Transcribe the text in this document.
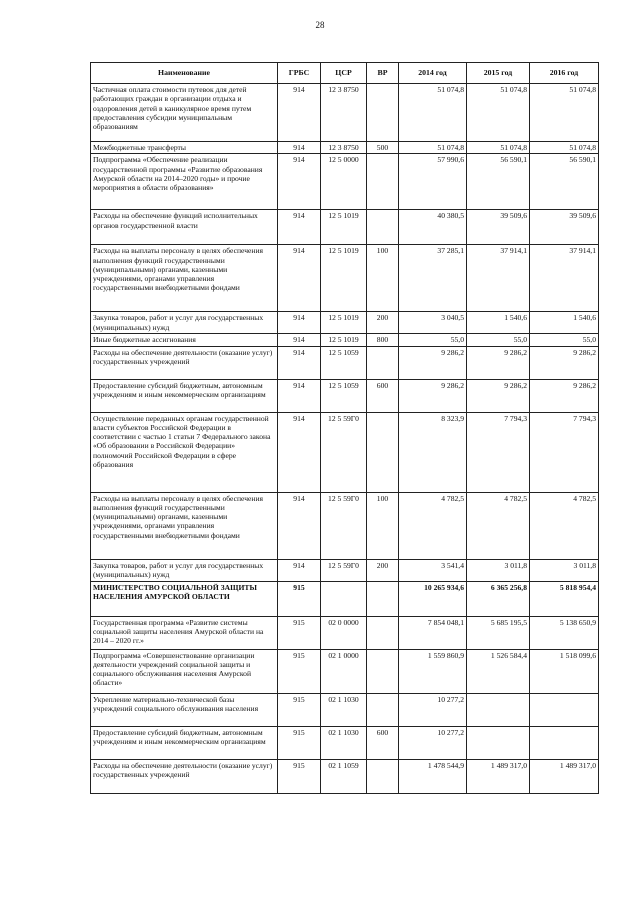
28
Наименование	ГРБС	ЦСР	ВР	2014 год	2015 год	2016 год
Частичная оплата стоимости путевок для детей работающих граждан в организации отдыха и оздоровления детей в каникулярное время путем предоставления субсидии муниципальным образованиям	914	12 3 8750		51 074,8	51 074,8	51 074,8
Межбюджетные трансферты	914	12 3 8750	500	51 074,8	51 074,8	51 074,8
Подпрограмма «Обеспечение реализации государственной программы «Развитие образования Амурской области на 2014–2020 годы» и прочие мероприятия в области образования»	914	12 5 0000		57 990,6	56 590,1	56 590,1
Расходы на обеспечение функций исполнительных органов государственной власти	914	12 5 1019		40 380,5	39 509,6	39 509,6
Расходы на выплаты персоналу в целях обеспечения выполнения функций государственными (муниципальными) органами, казенными учреждениями, органами управления государственными внебюджетными фондами	914	12 5 1019	100	37 285,1	37 914,1	37 914,1
Закупка товаров, работ и услуг для государственных (муниципальных) нужд	914	12 5 1019	200	3 040,5	1 540,6	1 540,6
Иные бюджетные ассигнования	914	12 5 1019	800	55,0	55,0	55,0
Расходы на обеспечение деятельности (оказание услуг) государственных учреждений	914	12 5 1059		9 286,2	9 286,2	9 286,2
Предоставление субсидий бюджетным, автономным учреждениям и иным некоммерческим организациям	914	12 5 1059	600	9 286,2	9 286,2	9 286,2
Осуществление переданных органам государственной власти субъектов Российской Федерации в соответствии с частью 1 статьи 7 Федерального закона «Об образовании в Российской Федерации» полномочий Российской Федерации в сфере образования	914	12 5 59Г0		8 323,9	7 794,3	7 794,3
Расходы на выплаты персоналу в целях обеспечения выполнения функций государственными (муниципальными) органами, казенными учреждениями, органами управления государственными внебюджетными фондами	914	12 5 59Г0	100	4 782,5	4 782,5	4 782,5
Закупка товаров, работ и услуг для государственных (муниципальных) нужд	914	12 5 59Г0	200	3 541,4	3 011,8	3 011,8
МИНИСТЕРСТВО СОЦИАЛЬНОЙ ЗАЩИТЫ НАСЕЛЕНИЯ АМУРСКОЙ ОБЛАСТИ	915			10 265 934,6	6 365 256,8	5 818 954,4
Государственная программа «Развитие системы социальной защиты населения Амурской области на 2014 – 2020 гг.»	915	02 0 0000		7 854 048,1	5 685 195,5	5 138 650,9
Подпрограмма «Совершенствование организации деятельности учреждений социальной защиты и социального обслуживания населения Амурской области»	915	02 1 0000		1 559 860,9	1 526 584,4	1 518 099,6
Укрепление материально-технической базы учреждений социального обслуживания населения	915	02 1 1030		10 277,2		
Предоставление субсидий бюджетным, автономным учреждениям и иным некоммерческим организациям	915	02 1 1030	600	10 277,2		
Расходы на обеспечение деятельности (оказание услуг) государственных учреждений	915	02 1 1059		1 478 544,9	1 489 317,0	1 489 317,0
